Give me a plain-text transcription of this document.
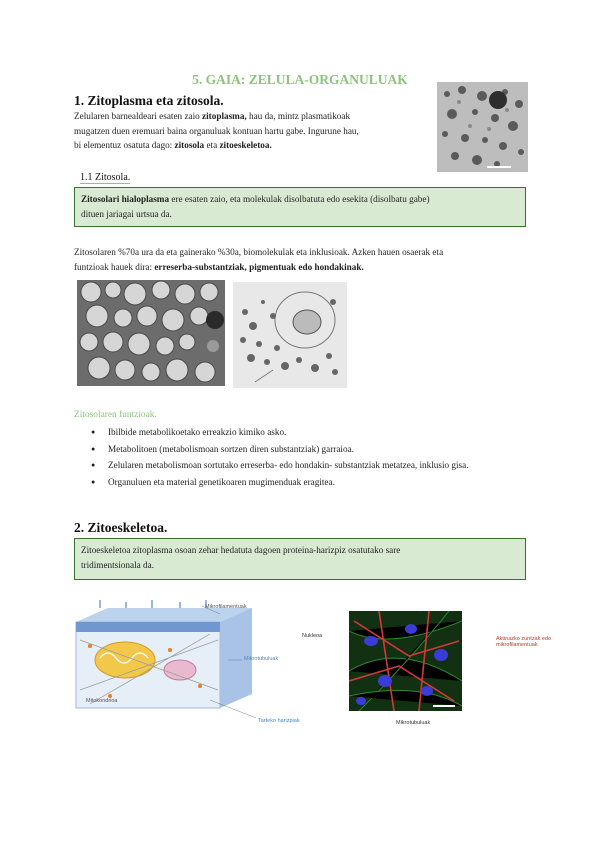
5. GAIA: ZELULA-ORGANULUAK
1. Zitoplasma eta zitosola.
Zelularen barnealdeari esaten zaio zitoplasma, hau da, mintz plasmatikoak
mugatzen duen eremuari baina organuluak kontuan hartu gabe. Ingurune hau,
bi elementuz osatuta dago: zitosola eta zitoeskeletoa.
1.1 Zitosola.
Zitosolari hialoplasma ere esaten zaio, eta molekulak disolbatuta edo esekita (disolbatu gabe)
dituen jariagai urtsua da.
Zitosolaren %70a ura da eta gainerako %30a, biomolekulak eta inklusioak. Azken hauen osaerak eta
funtzioak hauek dira: erreserba-substantziak, pigmentuak edo hondakinak.
Zitosolaren funtzioak.
● Ibilbide metabolikoetako erreakzio kimiko asko.
● Metabolitoen (metabolismoan sortzen diren substantziak) garraioa.
● Zelularen metabolismoan sortutako erreserba- edo hondakin- substantziak metatzea, inklusio gisa.
● Organuluen eta material genetikoaren mugimenduak eragitea.
2. Zitoeskeletoa.
Zitoeskeletoa zitoplasma osoan zehar hedatuta dagoen proteina-harizpiz osatutako sare
tridimentsionala da.
Mikrofilamentuak
Mikrotubuluak
Mitokondrioa
Tarteko harizpiak
Nukleoa	Aktinazko zuntzak edo mikrofilamentuak
Mikrotubuluak
